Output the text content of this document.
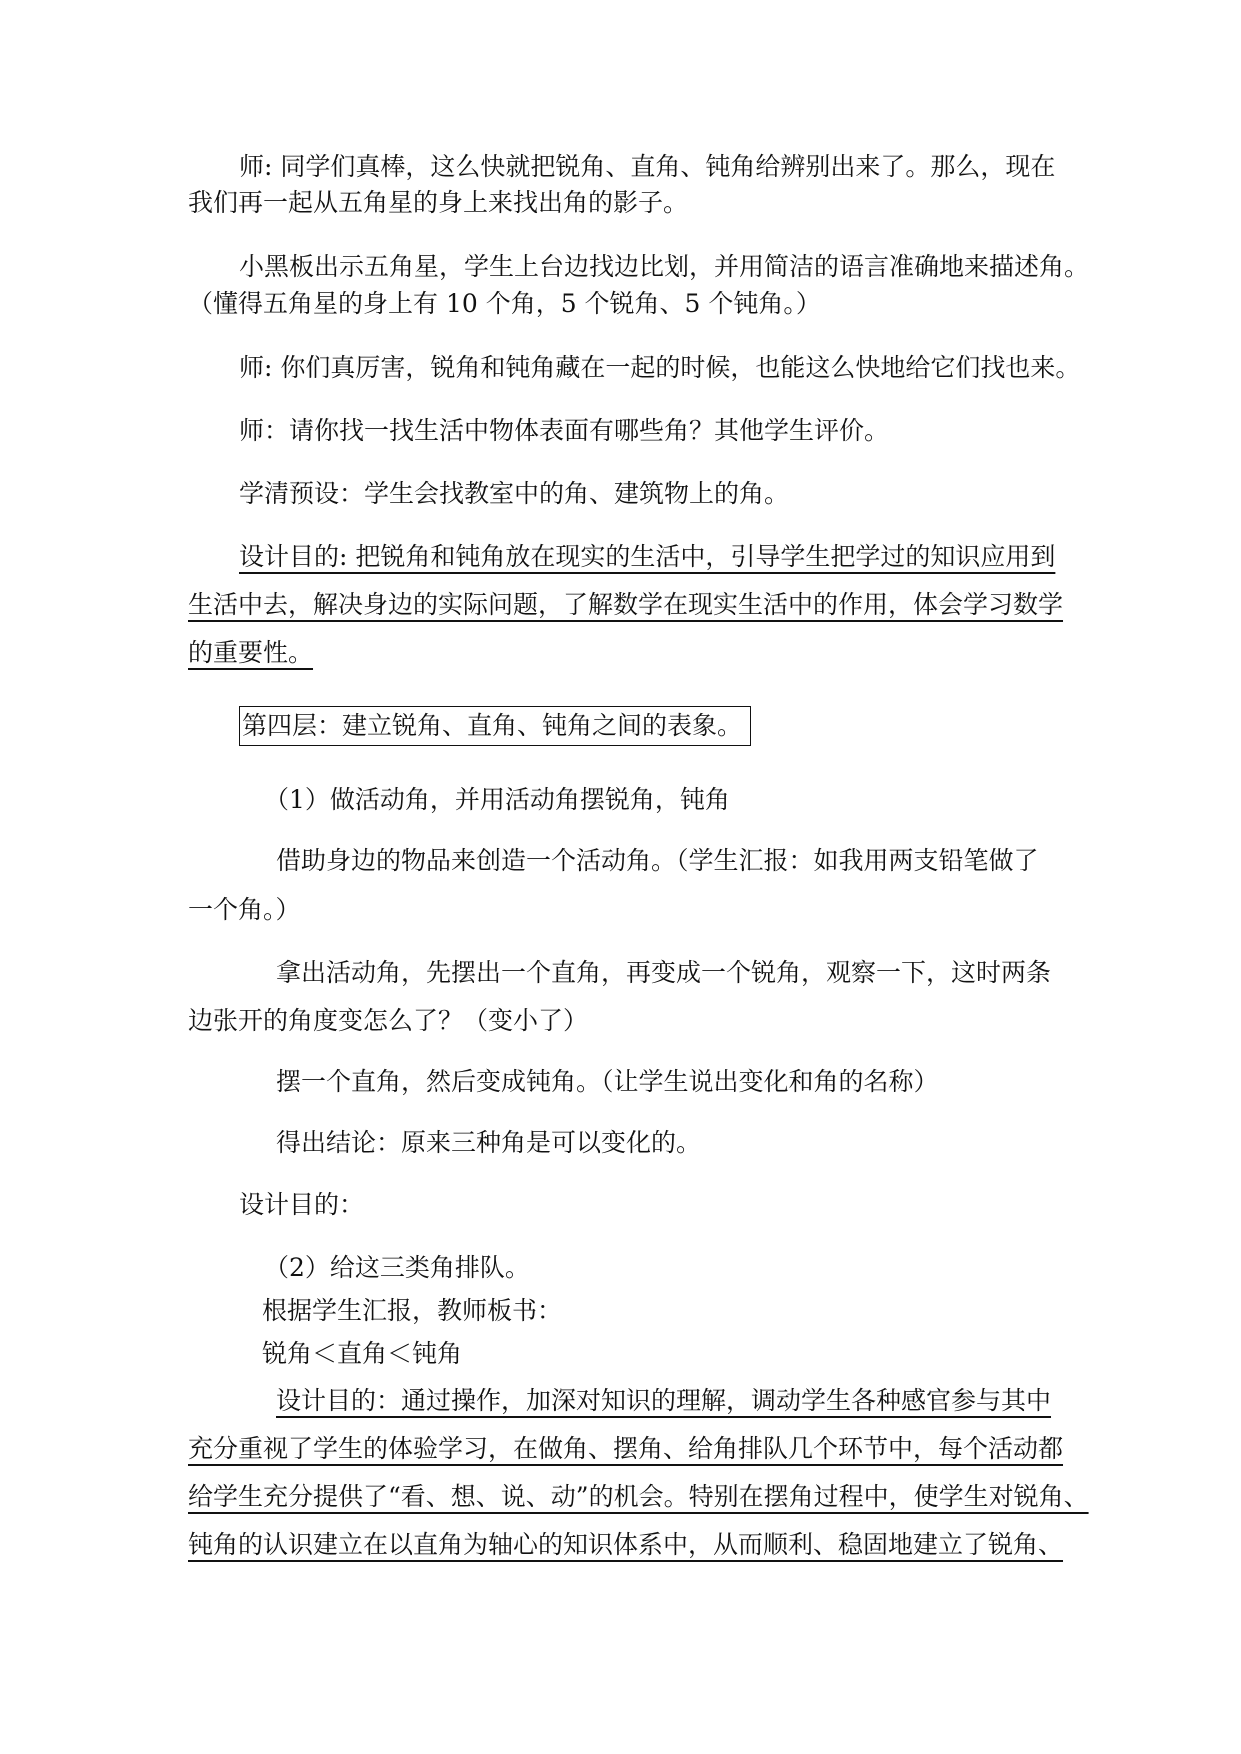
师: 同学们真棒，这么快就把锐角、直角、钝角给辨别出来了。那么，现在
我们再一起从五角星的身上来找出角的影子。
小黑板出示五角星，学生上台边找边比划，并用简洁的语言准确地来描述角。
（懂得五角星的身上有 10 个角，5 个锐角、5 个钝角。）
师: 你们真厉害，锐角和钝角藏在一起的时候，也能这么快地给它们找也来。
师：请你找一找生活中物体表面有哪些角？其他学生评价。
学清预设：学生会找教室中的角、建筑物上的角。
设计目的: 把锐角和钝角放在现实的生活中，引导学生把学过的知识应用到
生活中去，解决身边的实际问题，了解数学在现实生活中的作用，体会学习数学
的重要性。
第四层：建立锐角、直角、钝角之间的表象。
（1）做活动角，并用活动角摆锐角，钝角
借助身边的物品来创造一个活动角。（学生汇报：如我用两支铅笔做了
一个角。）
拿出活动角，先摆出一个直角，再变成一个锐角，观察一下，这时两条
边张开的角度变怎么了？（变小了）
摆一个直角，然后变成钝角。（让学生说出变化和角的名称）
得出结论：原来三种角是可以变化的。
设计目的：
（2）给这三类角排队。
根据学生汇报，教师板书：
锐角＜直角＜钝角
设计目的：通过操作，加深对知识的理解，调动学生各种感官参与其中
充分重视了学生的体验学习，在做角、摆角、给角排队几个环节中，每个活动都
给学生充分提供了“看、想、说、动”的机会。特别在摆角过程中，使学生对锐角、
钝角的认识建立在以直角为轴心的知识体系中，从而顺利、稳固地建立了锐角、
